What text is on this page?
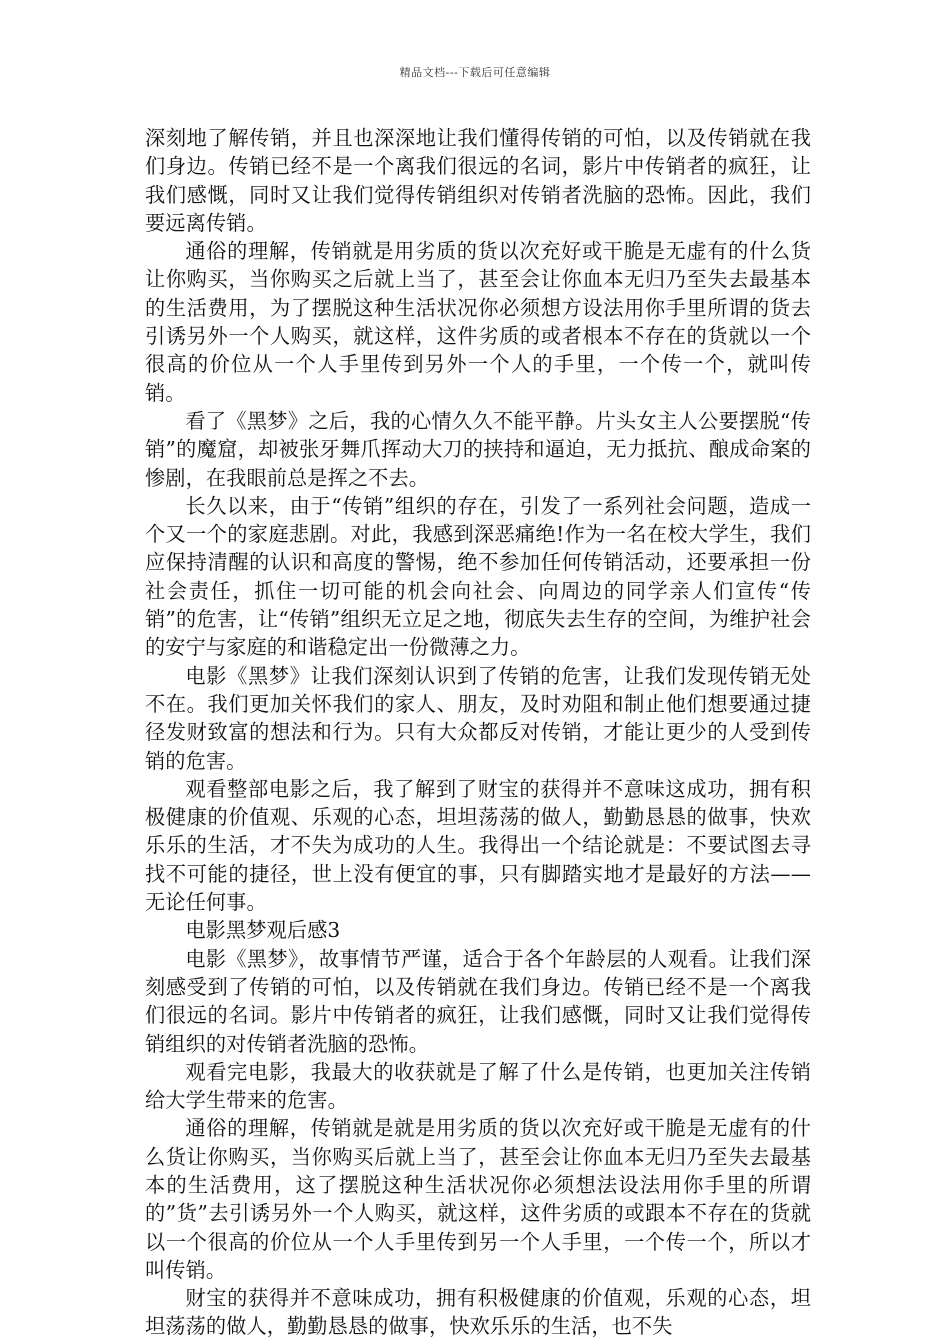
精品文档---下载后可任意编辑

深刻地了解传销，并且也深深地让我们懂得传销的可怕，以及传销就在我们身边。传销已经不是一个离我们很远的名词，影片中传销者的疯狂，让我们感慨，同时又让我们觉得传销组织对传销者洗脑的恐怖。因此，我们要远离传销。

通俗的理解，传销就是用劣质的货以次充好或干脆是无虚有的什么货让你购买，当你购买之后就上当了，甚至会让你血本无归乃至失去最基本的生活费用，为了摆脱这种生活状况你必须想方设法用你手里所谓的货去引诱另外一个人购买，就这样，这件劣质的或者根本不存在的货就以一个很高的价位从一个人手里传到另外一个人的手里，一个传一个，就叫传销。

看了《黑梦》之后，我的心情久久不能平静。片头女主人公要摆脱“传销”的魔窟，却被张牙舞爪挥动大刀的挟持和逼迫，无力抵抗、酿成命案的惨剧，在我眼前总是挥之不去。

长久以来，由于“传销”组织的存在，引发了一系列社会问题，造成一个又一个的家庭悲剧。对此，我感到深恶痛绝!作为一名在校大学生，我们应保持清醒的认识和高度的警惕，绝不参加任何传销活动，还要承担一份社会责任，抓住一切可能的机会向社会、向周边的同学亲人们宣传“传销”的危害，让“传销”组织无立足之地，彻底失去生存的空间，为维护社会的安宁与家庭的和谐稳定出一份微薄之力。

电影《黑梦》让我们深刻认识到了传销的危害，让我们发现传销无处不在。我们更加关怀我们的家人、朋友，及时劝阻和制止他们想要通过捷径发财致富的想法和行为。只有大众都反对传销，才能让更少的人受到传销的危害。

观看整部电影之后，我了解到了财宝的获得并不意味这成功，拥有积极健康的价值观、乐观的心态，坦坦荡荡的做人，勤勤恳恳的做事，快欢乐乐的生活，才不失为成功的人生。我得出一个结论就是：不要试图去寻找不可能的捷径，世上没有便宜的事，只有脚踏实地才是最好的方法——无论任何事。

电影黑梦观后感3

电影《黑梦》，故事情节严谨，适合于各个年龄层的人观看。让我们深刻感受到了传销的可怕，以及传销就在我们身边。传销已经不是一个离我们很远的名词。影片中传销者的疯狂，让我们感慨，同时又让我们觉得传销组织的对传销者洗脑的恐怖。

观看完电影，我最大的收获就是了解了什么是传销，也更加关注传销给大学生带来的危害。

通俗的理解，传销就是就是用劣质的货以次充好或干脆是无虚有的什么货让你购买，当你购买后就上当了，甚至会让你血本无归乃至失去最基本的生活费用，这了摆脱这种生活状况你必须想法设法用你手里的所谓的”货”去引诱另外一个人购买，就这样，这件劣质的或跟本不存在的货就以一个很高的价位从一个人手里传到另一个人手里，一个传一个，所以才叫传销。

财宝的获得并不意味成功，拥有积极健康的价值观，乐观的心态，坦坦荡荡的做人，勤勤恳恳的做事，快欢乐乐的生活，也不失
